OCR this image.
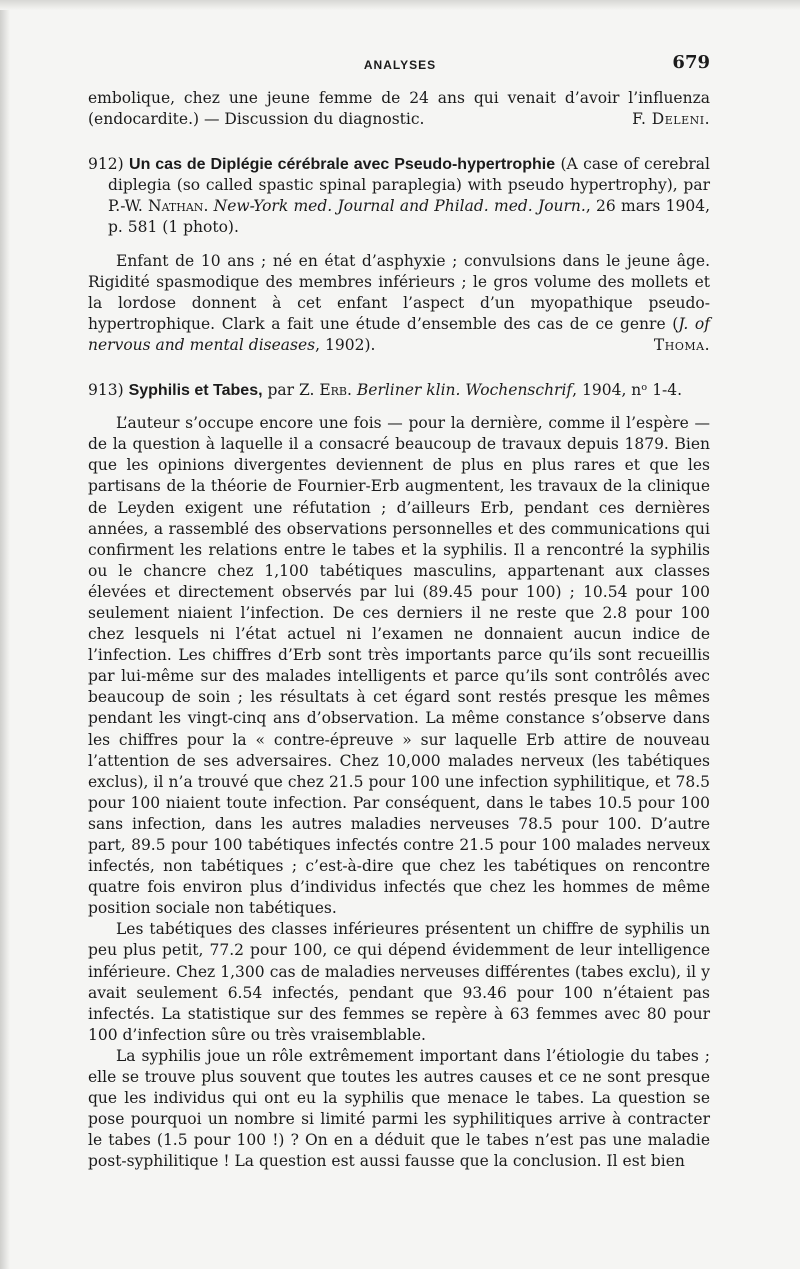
ANALYSES	679

embolique, chez une jeune femme de 24 ans qui venait d’avoir l’influenza (endocardite.) — Discussion du diagnostic.	F. Deleni.

912) Un cas de Diplégie cérébrale avec Pseudo-hypertrophie (A case of cerebral diplegia (so called spastic spinal paraplegia) with pseudo hypertrophy), par P.-W. Nathan. New-York med. Journal and Philad. med. Journ., 26 mars 1904, p. 581 (1 photo).

Enfant de 10 ans ; né en état d’asphyxie ; convulsions dans le jeune âge. Rigidité spasmodique des membres inférieurs ; le gros volume des mollets et la lordose donnent à cet enfant l’aspect d’un myopathique pseudo-hypertrophique. Clark a fait une étude d’ensemble des cas de ce genre (J. of nervous and mental diseases, 1902).	Thoma.

913) Syphilis et Tabes, par Z. Erb. Berliner klin. Wochenschrif, 1904, nᵒ 1-4.

L’auteur s’occupe encore une fois — pour la dernière, comme il l’espère — de la question à laquelle il a consacré beaucoup de travaux depuis 1879. Bien que les opinions divergentes deviennent de plus en plus rares et que les partisans de la théorie de Fournier-Erb augmentent, les travaux de la clinique de Leyden exigent une réfutation ; d’ailleurs Erb, pendant ces dernières années, a rassemblé des observations personnelles et des communications qui confirment les relations entre le tabes et la syphilis. Il a rencontré la syphilis ou le chancre chez 1,100 tabétiques masculins, appartenant aux classes élevées et directement observés par lui (89.45 pour 100) ; 10.54 pour 100 seulement niaient l’infection. De ces derniers il ne reste que 2.8 pour 100 chez lesquels ni l’état actuel ni l’examen ne donnaient aucun indice de l’infection. Les chiffres d’Erb sont très importants parce qu’ils sont recueillis par lui-même sur des malades intelligents et parce qu’ils sont contrôlés avec beaucoup de soin ; les résultats à cet égard sont restés presque les mêmes pendant les vingt-cinq ans d’observation. La même constance s’observe dans les chiffres pour la « contre-épreuve » sur laquelle Erb attire de nouveau l’attention de ses adversaires. Chez 10,000 malades nerveux (les tabétiques exclus), il n’a trouvé que chez 21.5 pour 100 une infection syphilitique, et 78.5 pour 100 niaient toute infection. Par conséquent, dans le tabes 10.5 pour 100 sans infection, dans les autres maladies nerveuses 78.5 pour 100. D’autre part, 89.5 pour 100 tabétiques infectés contre 21.5 pour 100 malades nerveux infectés, non tabétiques ; c’est-à-dire que chez les tabétiques on rencontre quatre fois environ plus d’individus infectés que chez les hommes de même position sociale non tabétiques.

Les tabétiques des classes inférieures présentent un chiffre de syphilis un peu plus petit, 77.2 pour 100, ce qui dépend évidemment de leur intelligence inférieure. Chez 1,300 cas de maladies nerveuses différentes (tabes exclu), il y avait seulement 6.54 infectés, pendant que 93.46 pour 100 n’étaient pas infectés. La statistique sur des femmes se repère à 63 femmes avec 80 pour 100 d’infection sûre ou très vraisemblable.

La syphilis joue un rôle extrêmement important dans l’étiologie du tabes ; elle se trouve plus souvent que toutes les autres causes et ce ne sont presque que les individus qui ont eu la syphilis que menace le tabes. La question se pose pourquoi un nombre si limité parmi les syphilitiques arrive à contracter le tabes (1.5 pour 100 !) ? On en a déduit que le tabes n’est pas une maladie post-syphilitique ! La question est aussi fausse que la conclusion. Il est bien
